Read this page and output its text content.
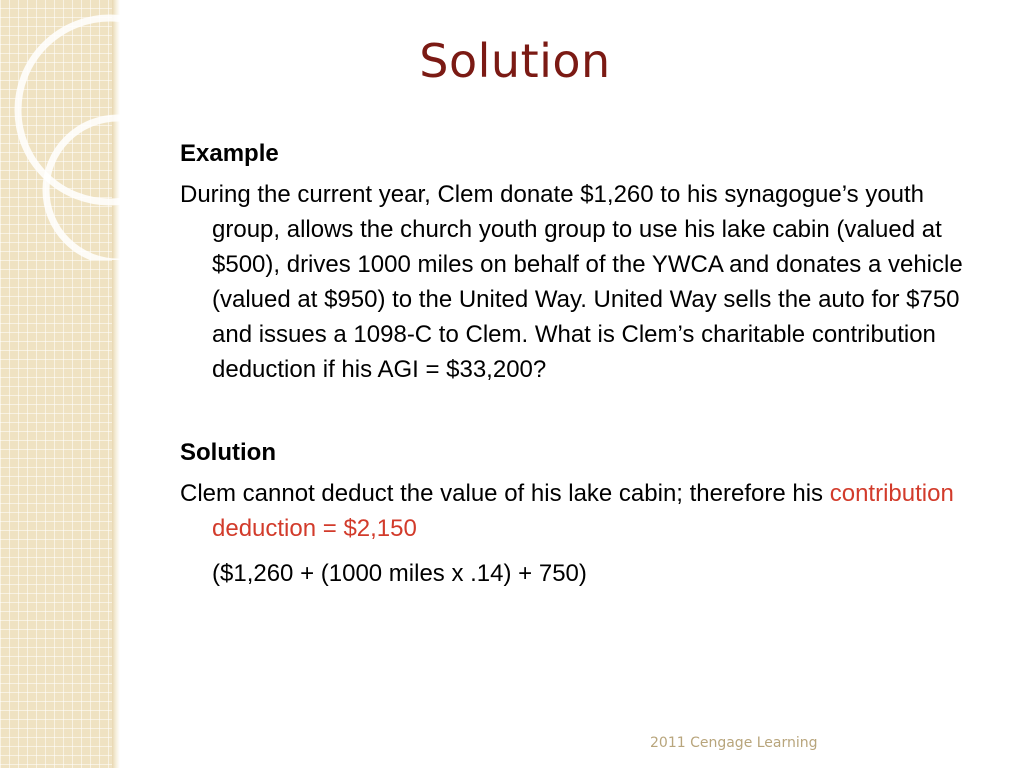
Solution

Example

During the current year, Clem donate $1,260 to his synagogue’s youth group, allows the church youth group to use his lake cabin (valued at $500), drives 1000 miles on behalf of the YWCA and donates a vehicle (valued at $950) to the United Way. United Way sells the auto for $750 and issues a 1098-C to Clem. What is Clem’s charitable contribution deduction if his AGI = $33,200?

Solution

Clem cannot deduct the value of his lake cabin; therefore his contribution deduction = $2,150

($1,260 + (1000 miles x .14) + 750)

2011 Cengage Learning
